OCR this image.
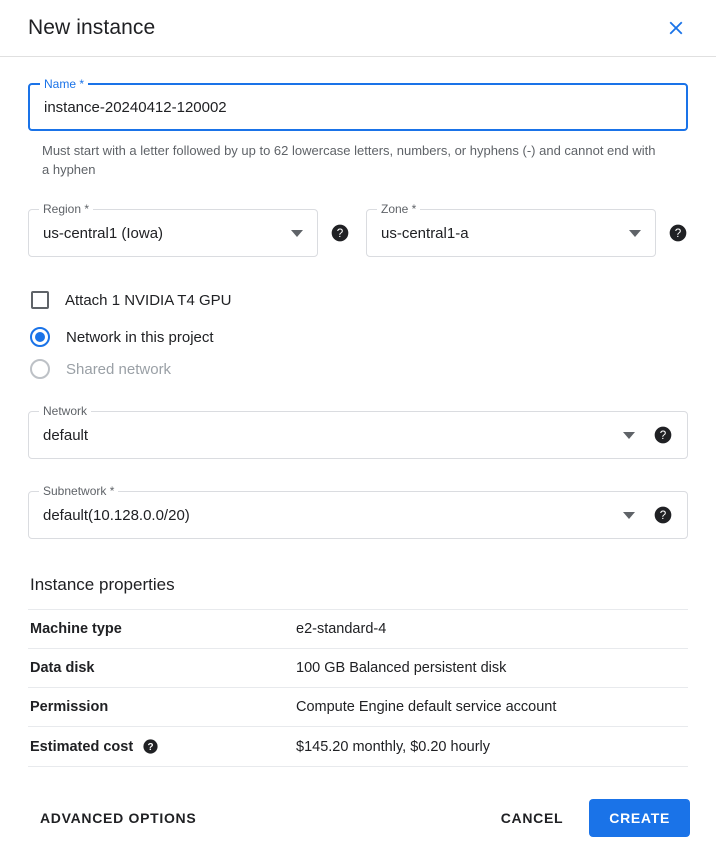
New instance
Name *
instance-20240412-120002
Must start with a letter followed by up to 62 lowercase letters, numbers, or hyphens (-) and cannot end with a hyphen
Region *
us-central1 (Iowa)	?
Zone *
us-central1-a	?
Attach 1 NVIDIA T4 GPU
Network in this project
Shared network
Network
default	?
Subnetwork *
default(10.128.0.0/20)	?
Instance properties
Machine type	e2-standard-4
Data disk	100 GB Balanced persistent disk
Permission	Compute Engine default service account

Estimated cost ?	$145.20 monthly, $0.20 hourly
ADVANCED OPTIONS	CANCEL	CREATE
